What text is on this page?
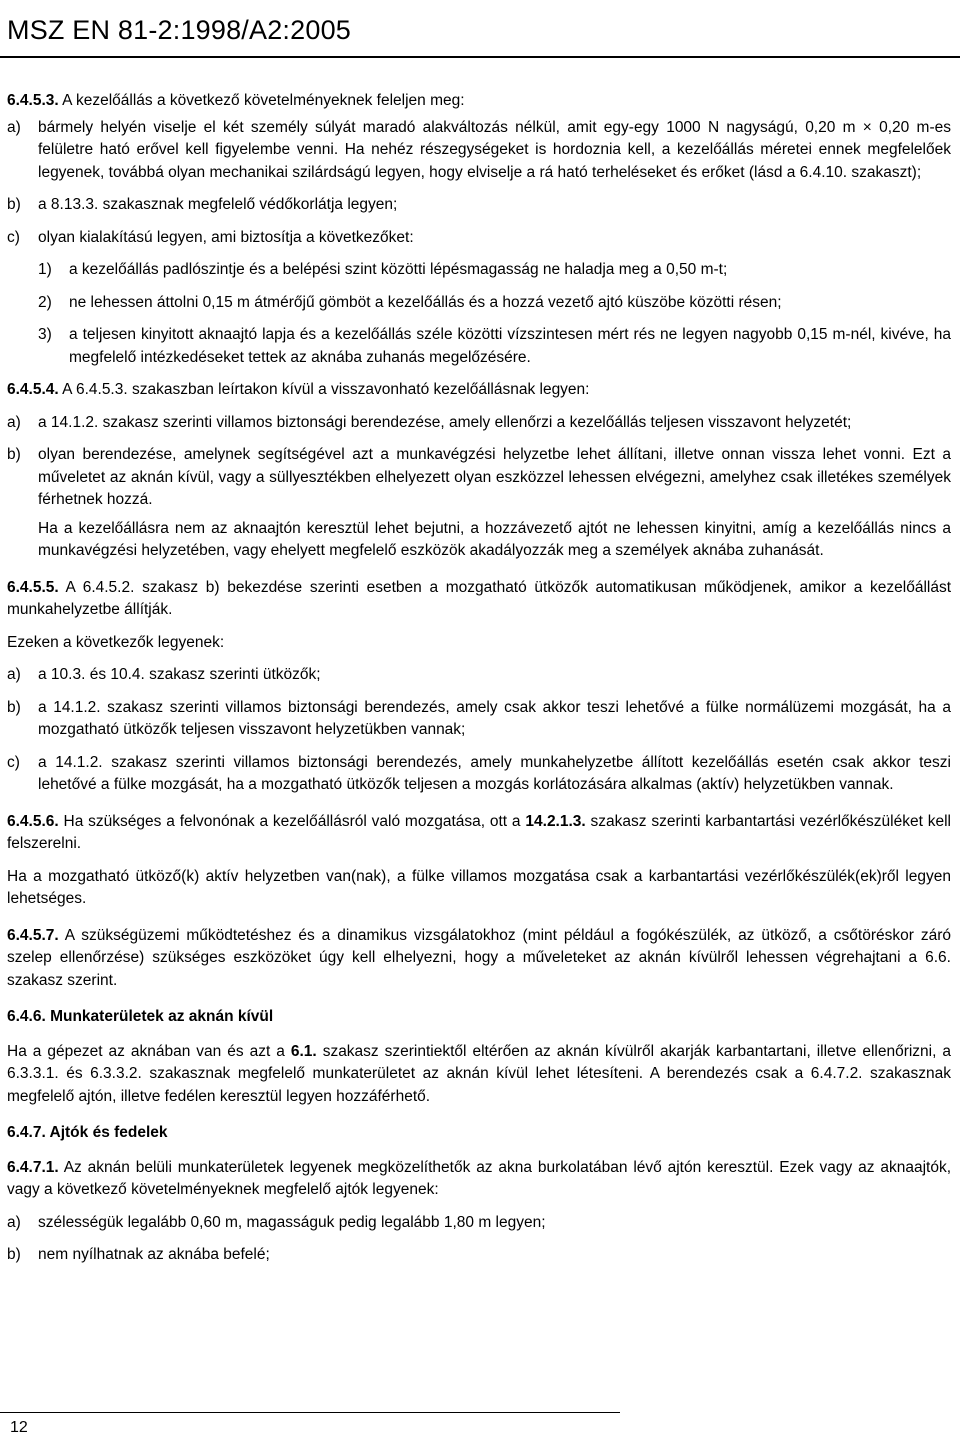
MSZ EN 81-2:1998/A2:2005

6.4.5.3. A kezelőállás a következő követelményeknek feleljen meg:

a)	bármely helyén viselje el két személy súlyát maradó alakváltozás nélkül, amit egy-egy 1000 N nagyságú, 0,20 m × 0,20 m-es felületre ható erővel kell figyelembe venni. Ha nehéz részegységeket is hordoznia kell, a kezelőállás méretei ennek megfelelőek legyenek, továbbá olyan mechanikai szilárdságú legyen, hogy elviselje a rá ható terheléseket és erőket (lásd a 6.4.10. szakaszt);
b)	a 8.13.3. szakasznak megfelelő védőkorlátja legyen;
c)	olyan kialakítású legyen, ami biztosítja a következőket:
1)	a kezelőállás padlószintje és a belépési szint közötti lépésmagasság ne haladja meg a 0,50 m-t;
2)	ne lehessen áttolni 0,15 m átmérőjű gömböt a kezelőállás és a hozzá vezető ajtó küszöbe közötti résen;
3)	a teljesen kinyitott aknaajtó lapja és a kezelőállás széle közötti vízszintesen mért rés ne legyen nagyobb 0,15 m-nél, kivéve, ha megfelelő intézkedéseket tettek az aknába zuhanás megelőzésére.

6.4.5.4. A 6.4.5.3. szakaszban leírtakon kívül a visszavonható kezelőállásnak legyen:

a)	a 14.1.2. szakasz szerinti villamos biztonsági berendezése, amely ellenőrzi a kezelőállás teljesen visszavont helyzetét;
b)	olyan berendezése, amelynek segítségével azt a munkavégzési helyzetbe lehet állítani, illetve onnan vissza lehet vonni. Ezt a műveletet az aknán kívül, vagy a süllyesztékben elhelyezett olyan eszközzel lehessen elvégezni, amelyhez csak illetékes személyek férhetnek hozzá.

Ha a kezelőállásra nem az aknaajtón keresztül lehet bejutni, a hozzávezető ajtót ne lehessen kinyitni, amíg a kezelőállás nincs a munkavégzési helyzetében, vagy ehelyett megfelelő eszközök akadályozzák meg a személyek aknába zuhanását.

6.4.5.5. A 6.4.5.2. szakasz b) bekezdése szerinti esetben a mozgatható ütközők automatikusan működjenek, amikor a kezelőállást munkahelyzetbe állítják.

Ezeken a következők legyenek:

a)	a 10.3. és 10.4. szakasz szerinti ütközők;
b)	a 14.1.2. szakasz szerinti villamos biztonsági berendezés, amely csak akkor teszi lehetővé a fülke normálüzemi mozgását, ha a mozgatható ütközők teljesen visszavont helyzetükben vannak;
c)	a 14.1.2. szakasz szerinti villamos biztonsági berendezés, amely munkahelyzetbe állított kezelőállás esetén csak akkor teszi lehetővé a fülke mozgását, ha a mozgatható ütközők teljesen a mozgás korlátozására alkalmas (aktív) helyzetükben vannak.

6.4.5.6. Ha szükséges a felvonónak a kezelőállásról való mozgatása, ott a 14.2.1.3. szakasz szerinti karbantartási vezérlőkészüléket kell felszerelni.

Ha a mozgatható ütköző(k) aktív helyzetben van(nak), a fülke villamos mozgatása csak a karbantartási vezérlőkészülék(ek)ről legyen lehetséges.

6.4.5.7. A szükségüzemi működtetéshez és a dinamikus vizsgálatokhoz (mint például a fogókészülék, az ütköző, a csőtöréskor záró szelep ellenőrzése) szükséges eszközöket úgy kell elhelyezni, hogy a műveleteket az aknán kívülről lehessen végrehajtani a 6.6. szakasz szerint.

6.4.6. Munkaterületek az aknán kívül

Ha a gépezet az aknában van és azt a 6.1. szakasz szerintiektől eltérően az aknán kívülről akarják karbantartani, illetve ellenőrizni, a 6.3.3.1. és 6.3.3.2. szakasznak megfelelő munkaterületet az aknán kívül lehet létesíteni. A berendezés csak a 6.4.7.2. szakasznak megfelelő ajtón, illetve fedélen keresztül legyen hozzáférhető.

6.4.7. Ajtók és fedelek

6.4.7.1. Az aknán belüli munkaterületek legyenek megközelíthetők az akna burkolatában lévő ajtón keresztül. Ezek vagy az aknaajtók, vagy a következő követelményeknek megfelelő ajtók legyenek:

a)	szélességük legalább 0,60 m, magasságuk pedig legalább 1,80 m legyen;
b)	nem nyílhatnak az aknába befelé;
12
